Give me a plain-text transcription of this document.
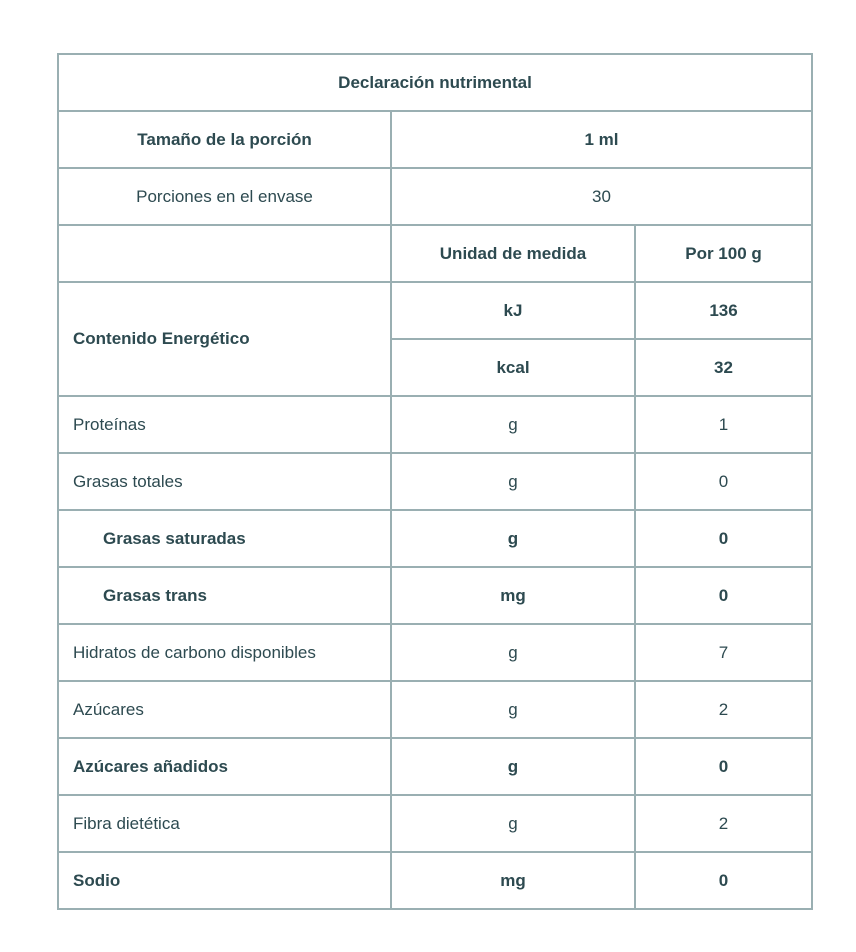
Declaración nutrimental		
Tamaño de la porción	1 ml	
Porciones en el envase	30	
	Unidad de medida	Por 100 g
Contenido Energético	kJ	136
	kcal	32
Proteínas	g	1
Grasas totales	g	0
Grasas saturadas	g	0
Grasas trans	mg	0
Hidratos de carbono disponibles	g	7
Azúcares	g	2
Azúcares añadidos	g	0
Fibra dietética	g	2
Sodio	mg	0
